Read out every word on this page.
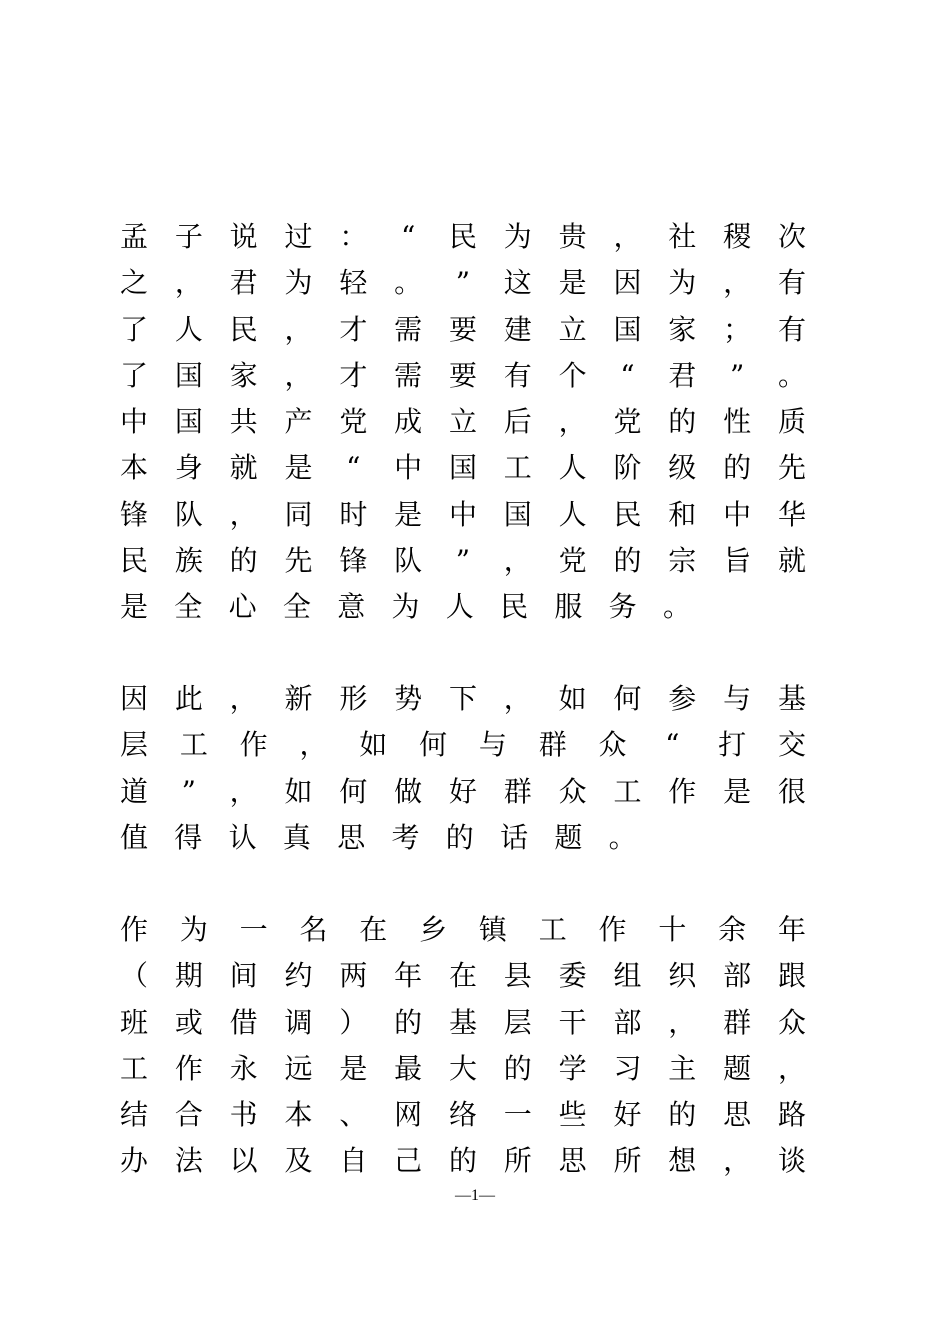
孟 子 说 过 ： “ 民 为 贵 ， 社 稷 次
之 ， 君 为 轻 。 ” 这 是 因 为 ， 有
了 人 民 ， 才 需 要 建 立 国 家 ； 有
了 国 家 ， 才 需 要 有 个 “ 君 ” 。
中 国 共 产 党 成 立 后 ， 党 的 性 质
本 身 就 是 “ 中 国 工 人 阶 级 的 先
锋 队 ， 同 时 是 中 国 人 民 和 中 华
民 族 的 先 锋 队 ” ， 党 的 宗 旨 就
是 全 心 全 意 为 人 民 服 务 。
因 此 ， 新 形 势 下 ， 如 何 参 与 基
层 工 作 ， 如 何 与 群 众 “ 打 交
道 ” ， 如 何 做 好 群 众 工 作 是 很
值 得 认 真 思 考 的 话 题 。
作 为 一 名 在 乡 镇 工 作 十 余 年
（ 期 间 约 两 年 在 县 委 组 织 部 跟
班 或 借 调 ） 的 基 层 干 部 ， 群 众
工 作 永 远 是 最 大 的 学 习 主 题 ，
结 合 书 本 、 网 络 一 些 好 的 思 路
办 法 以 及 自 己 的 所 思 所 想 ， 谈
—1—
